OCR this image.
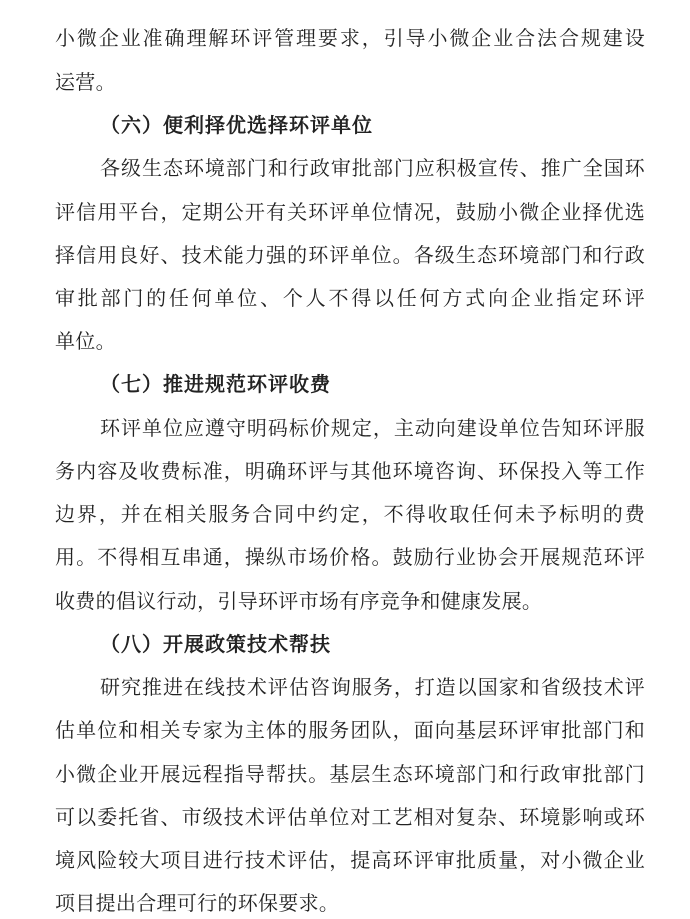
小微企业准确理解环评管理要求，引导小微企业合法合规建设
运营。
（六）便利择优选择环评单位
各级生态环境部门和行政审批部门应积极宣传、推广全国环
评信用平台，定期公开有关环评单位情况，鼓励小微企业择优选
择信用良好、技术能力强的环评单位。各级生态环境部门和行政
审批部门的任何单位、个人不得以任何方式向企业指定环评
单位。
（七）推进规范环评收费
环评单位应遵守明码标价规定，主动向建设单位告知环评服
务内容及收费标准，明确环评与其他环境咨询、环保投入等工作
边界，并在相关服务合同中约定，不得收取任何未予标明的费
用。不得相互串通，操纵市场价格。鼓励行业协会开展规范环评
收费的倡议行动，引导环评市场有序竞争和健康发展。
（八）开展政策技术帮扶
研究推进在线技术评估咨询服务，打造以国家和省级技术评
估单位和相关专家为主体的服务团队，面向基层环评审批部门和
小微企业开展远程指导帮扶。基层生态环境部门和行政审批部门
可以委托省、市级技术评估单位对工艺相对复杂、环境影响或环
境风险较大项目进行技术评估，提高环评审批质量，对小微企业
项目提出合理可行的环保要求。
